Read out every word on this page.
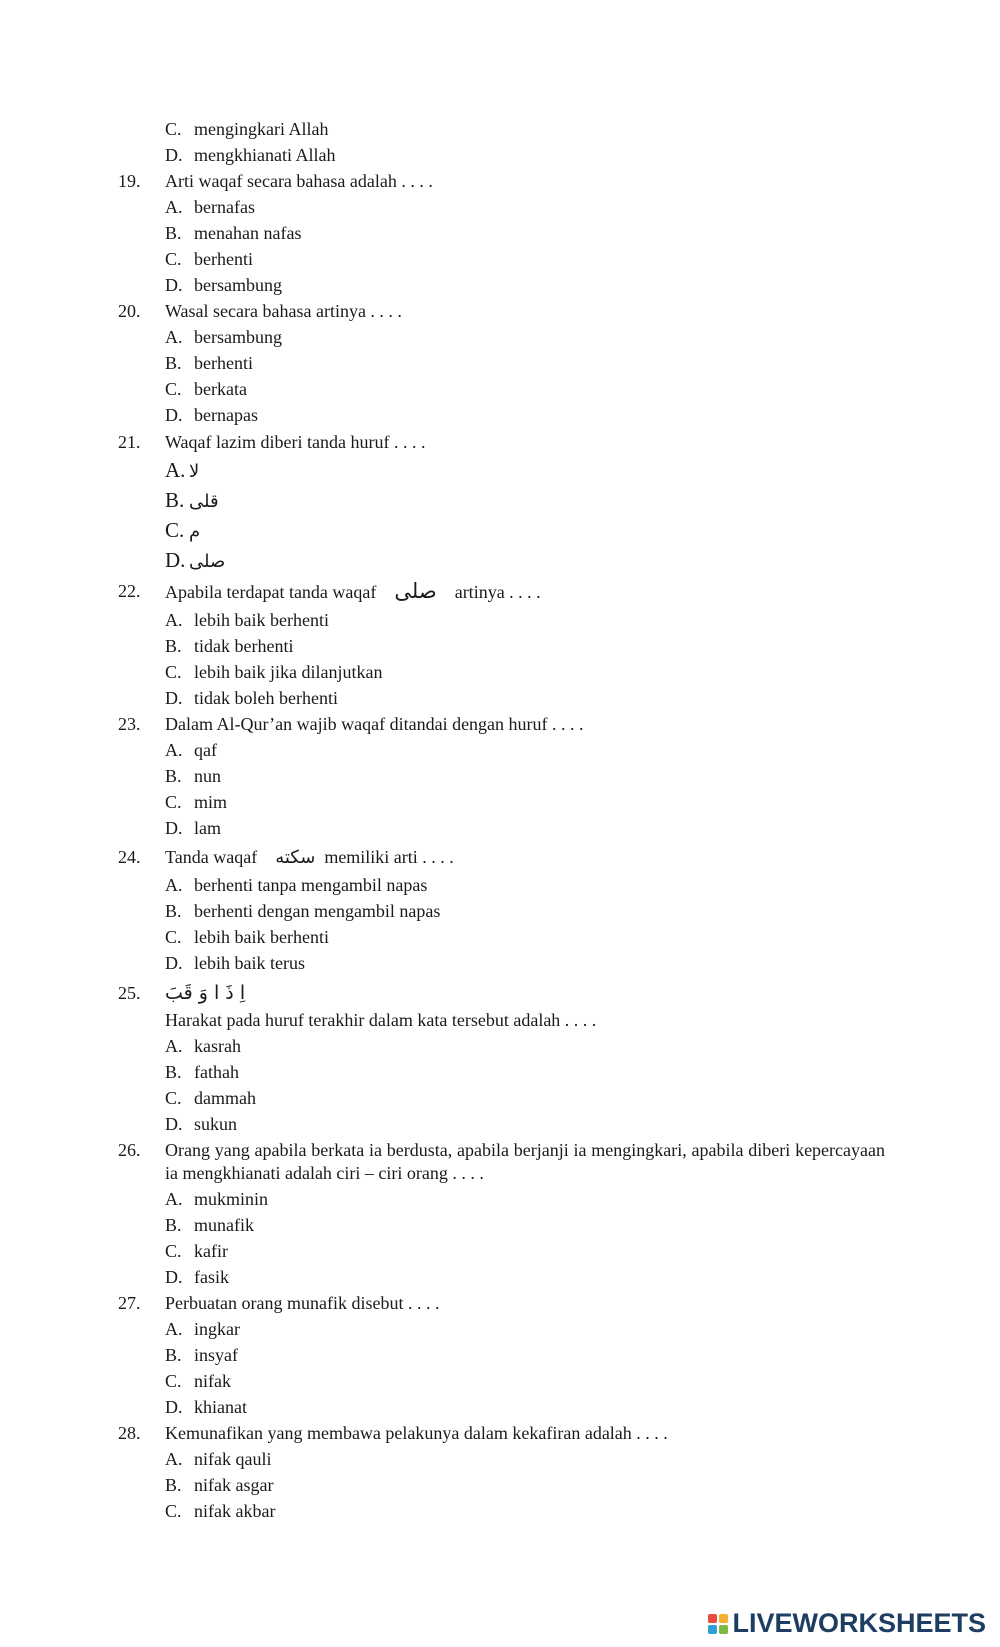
C. mengingkari Allah
D. mengkhianati Allah
19. Arti waqaf secara bahasa adalah . . . .
A. bernafas
B. menahan nafas
C. berhenti
D. bersambung
20. Wasal secara bahasa artinya . . . .
A. bersambung
B. berhenti
C. berkata
D. bernapas
21. Waqaf lazim diberi tanda huruf . . . .
A. لا
B. قلى
C. م
D. صلى
22. Apabila terdapat tanda waqaf صلى artinya . . . .
A. lebih baik berhenti
B. tidak berhenti
C. lebih baik jika dilanjutkan
D. tidak boleh berhenti
23. Dalam Al-Qur’an wajib waqaf ditandai dengan huruf . . . .
A. qaf
B. nun
C. mim
D. lam
24. Tanda waqaf سكته memiliki arti . . . .
A. berhenti tanpa mengambil napas
B. berhenti dengan mengambil napas
C. lebih baik berhenti
D. lebih baik terus
25. اِ ذَ ا وَ قَبَ
Harakat pada huruf terakhir dalam kata tersebut adalah . . . .
A. kasrah
B. fathah
C. dammah
D. sukun
26. Orang yang apabila berkata ia berdusta, apabila berjanji ia mengingkari, apabila diberi kepercayaan ia mengkhianati adalah ciri – ciri orang . . . .
A. mukminin
B. munafik
C. kafir
D. fasik
27. Perbuatan orang munafik disebut . . . .
A. ingkar
B. insyaf
C. nifak
D. khianat
28. Kemunafikan yang membawa pelakunya dalam kekafiran adalah . . . .
A. nifak qauli
B. nifak asgar
C. nifak akbar
LIVEWORKSHEETS
